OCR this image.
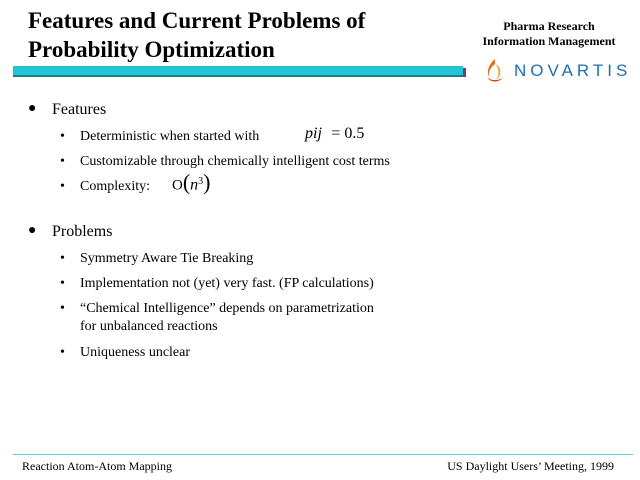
Features and Current Problems of
Probability Optimization
Pharma Research
Information Management
NOVARTIS
● Features
• Deterministic when started with	pij = 0.5
• Customizable through chemically intelligent cost terms
• Complexity: $O(n^3)$
● Problems
• Symmetry Aware Tie Breaking
• Implementation not (yet) very fast. (FP calculations)
• “Chemical Intelligence” depends on parametrization
for unbalanced reactions
• Uniqueness unclear
Reaction Atom-Atom Mapping	US Daylight Users’ Meeting, 1999
